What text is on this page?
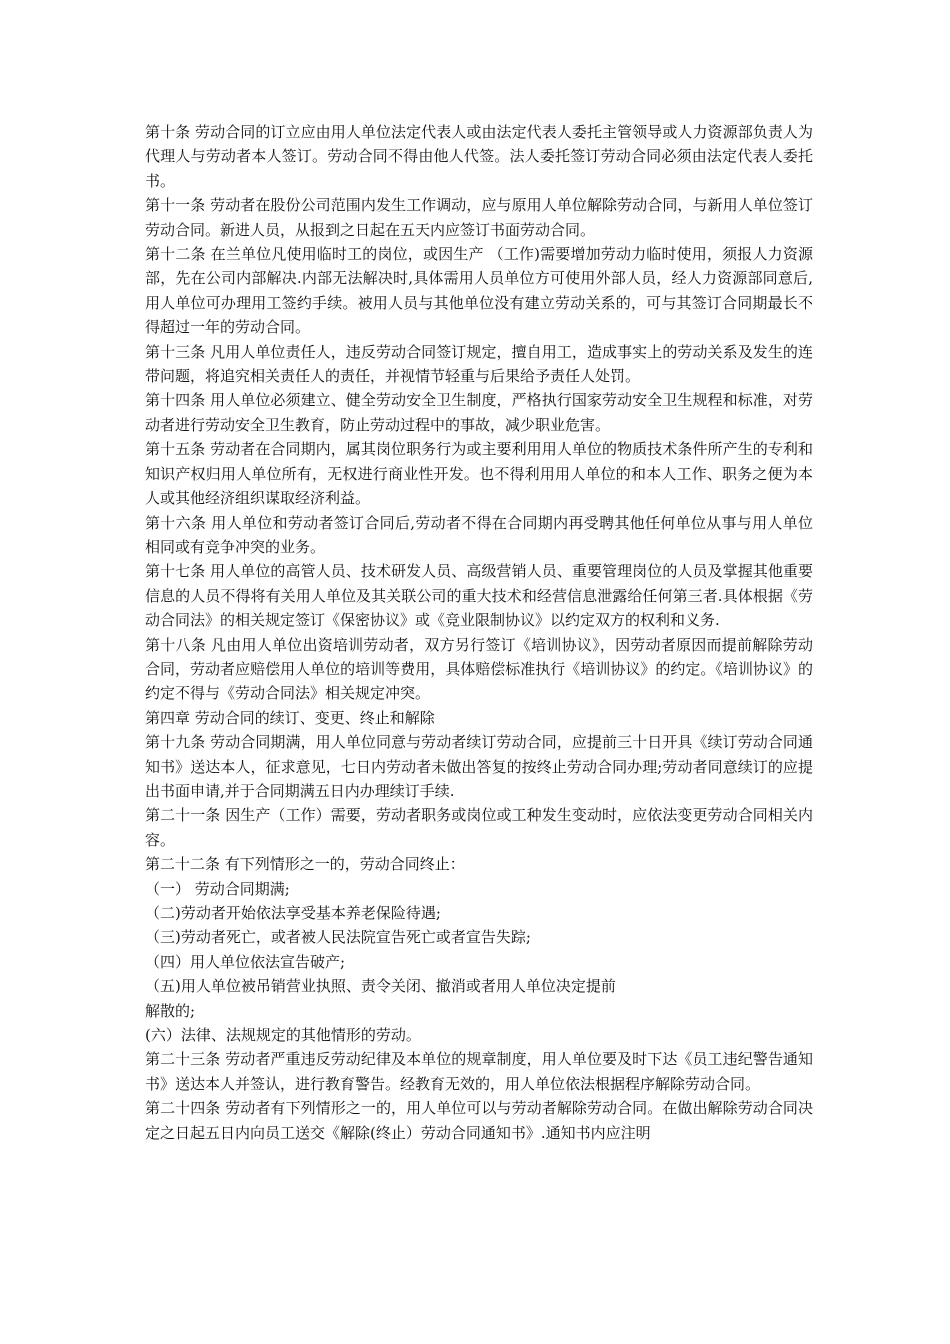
第十条 劳动合同的订立应由用人单位法定代表人或由法定代表人委托主管领导或人力资源部负责人为代理人与劳动者本人签订。劳动合同不得由他人代签。法人委托签订劳动合同必须由法定代表人委托书。

第十一条 劳动者在股份公司范围内发生工作调动，应与原用人单位解除劳动合同，与新用人单位签订劳动合同。新进人员，从报到之日起在五天内应签订书面劳动合同。

第十二条 在兰单位凡使用临时工的岗位，或因生产 （工作)需要增加劳动力临时使用，须报人力资源部，先在公司内部解决.内部无法解决时,具体需用人员单位方可使用外部人员，经人力资源部同意后,用人单位可办理用工签约手续。被用人员与其他单位没有建立劳动关系的，可与其签订合同期最长不得超过一年的劳动合同。

第十三条 凡用人单位责任人，违反劳动合同签订规定，擅自用工，造成事实上的劳动关系及发生的连带问题，将追究相关责任人的责任，并视情节轻重与后果给予责任人处罚。

第十四条 用人单位必须建立、健全劳动安全卫生制度，严格执行国家劳动安全卫生规程和标准，对劳动者进行劳动安全卫生教育，防止劳动过程中的事故，减少职业危害。

第十五条 劳动者在合同期内，属其岗位职务行为或主要利用用人单位的物质技术条件所产生的专利和知识产权归用人单位所有，无权进行商业性开发。也不得利用用人单位的和本人工作、职务之便为本人或其他经济组织谋取经济利益。

第十六条 用人单位和劳动者签订合同后,劳动者不得在合同期内再受聘其他任何单位从事与用人单位相同或有竞争冲突的业务。

第十七条 用人单位的高管人员、技术研发人员、高级营销人员、重要管理岗位的人员及掌握其他重要信息的人员不得将有关用人单位及其关联公司的重大技术和经营信息泄露给任何第三者.具体根据《劳动合同法》的相关规定签订《保密协议》或《竞业限制协议》以约定双方的权利和义务.

第十八条 凡由用人单位出资培训劳动者，双方另行签订《培训协议》，因劳动者原因而提前解除劳动合同，劳动者应赔偿用人单位的培训等费用，具体赔偿标准执行《培训协议》的约定。《培训协议》的约定不得与《劳动合同法》相关规定冲突。

第四章 劳动合同的续订、变更、终止和解除

第十九条 劳动合同期满，用人单位同意与劳动者续订劳动合同，应提前三十日开具《续订劳动合同通知书》送达本人，征求意见，七日内劳动者未做出答复的按终止劳动合同办理;劳动者同意续订的应提出书面申请,并于合同期满五日内办理续订手续.

第二十一条 因生产（工作）需要，劳动者职务或岗位或工种发生变动时，应依法变更劳动合同相关内容。

第二十二条 有下列情形之一的，劳动合同终止：

（一） 劳动合同期满;

（二)劳动者开始依法享受基本养老保险待遇;

（三)劳动者死亡，或者被人民法院宣告死亡或者宣告失踪;

（四）用人单位依法宣告破产;

（五)用人单位被吊销营业执照、责令关闭、撤消或者用人单位决定提前

解散的;

(六）法律、法规规定的其他情形的劳动。

第二十三条 劳动者严重违反劳动纪律及本单位的规章制度，用人单位要及时下达《员工违纪警告通知书》送达本人并签认，进行教育警告。经教育无效的，用人单位依法根据程序解除劳动合同。

第二十四条 劳动者有下列情形之一的，用人单位可以与劳动者解除劳动合同。在做出解除劳动合同决定之日起五日内向员工送交《解除(终止）劳动合同通知书》.通知书内应注明
